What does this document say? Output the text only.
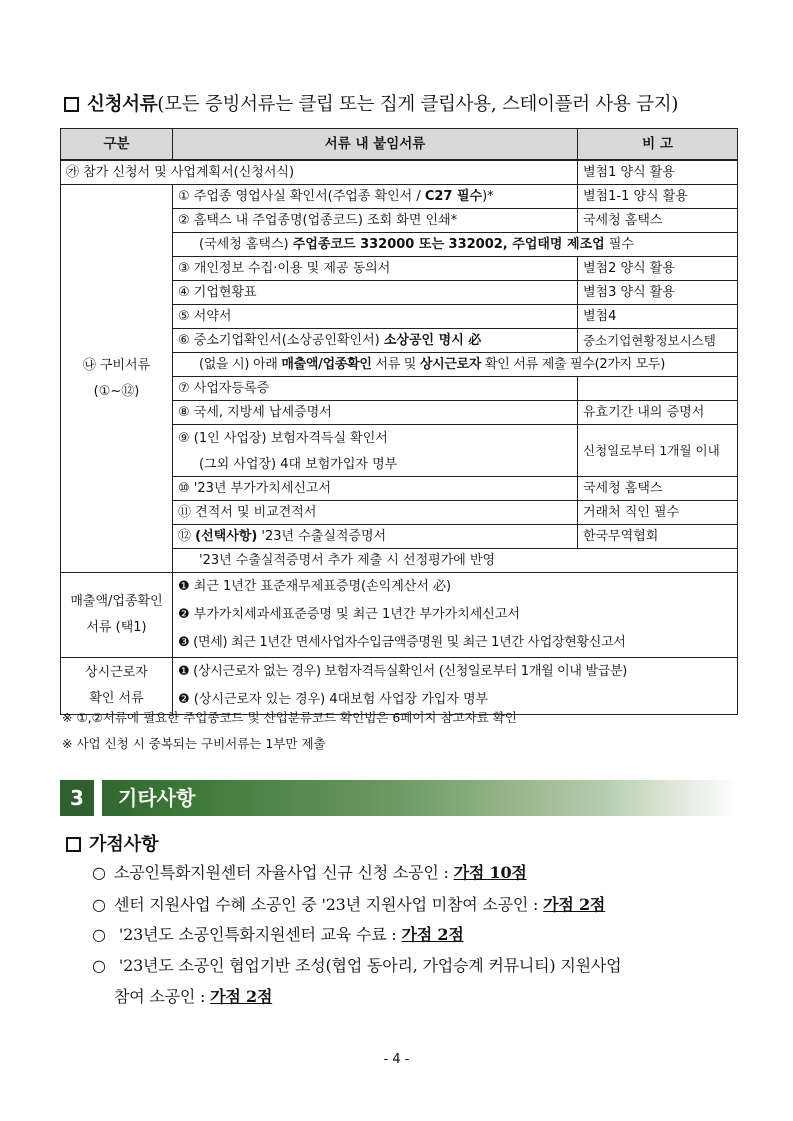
신청서류(모든 증빙서류는 클립 또는 집게 클립사용, 스테이플러 사용 금지)
구분	서류 내 붙임서류	비 고
㉮ 참가 신청서 및 사업계획서(신청서식)		별첨1 양식 활용
㉯ 구비서류
(①~⑫)	① 주업종 영업사실 확인서(주업종 확인서 / C27 필수)*	별첨1-1 양식 활용
	② 홈택스 내 주업종명(업종코드) 조회 화면 인쇄*	국세청 홈택스
	(국세청 홈택스) 주업종코드 332000 또는 332002, 주업태명 제조업 필수	
	③ 개인정보 수집·이용 및 제공 동의서	별첨2 양식 활용
	④ 기업현황표	별첨3 양식 활용
	⑤ 서약서	별첨4
	⑥ 중소기업확인서(소상공인확인서) 소상공인 명시 必	중소기업현황정보시스템
	(없을 시) 아래 매출액/업종확인 서류 및 상시근로자 확인 서류 제출 필수(2가지 모두)	
	⑦ 사업자등록증	
	⑧ 국세, 지방세 납세증명서	유효기간 내의 증명서
	⑨ (1인 사업장) 보험자격득실 확인서	신청일로부터 1개월 이내
	(그외 사업장) 4대 보험가입자 명부	
	⑩ '23년 부가가치세신고서	국세청 홈택스
	⑪ 견적서 및 비교견적서	거래처 직인 필수
	⑫ (선택사항) '23년 수출실적증명서	한국무역협회
	'23년 수출실적증명서 추가 제출 시 선정평가에 반영	
매출액/업종확인
서류 (택1)	❶ 최근 1년간 표준재무제표증명(손익계산서 必)	
	❷ 부가가치세과세표준증명 및 최근 1년간 부가가치세신고서	
	❸ (면세) 최근 1년간 면세사업자수입금액증명원 및 최근 1년간 사업장현황신고서	
상시근로자
확인 서류	❶ (상시근로자 없는 경우) 보험자격득실확인서 (신청일로부터 1개월 이내 발급분)	
	❷ (상시근로자 있는 경우) 4대보험 사업장 가입자 명부	
※ ①,②서류에 필요한 주업종코드 및 산업분류코드 확인법은 6페이지 참고자료 확인
※ 사업 신청 시 중복되는 구비서류는 1부만 제출
3	기타사항
가점사항
○ 소공인특화지원센터 자율사업 신규 신청 소공인 : 가점 10점
○ 센터 지원사업 수혜 소공인 중 '23년 지원사업 미참여 소공인 : 가점 2점
○ '23년도 소공인특화지원센터 교육 수료 : 가점 2점
○ '23년도 소공인 협업기반 조성(협업 동아리, 가업승계 커뮤니티) 지원사업
참여 소공인 : 가점 2점
- 4 -
